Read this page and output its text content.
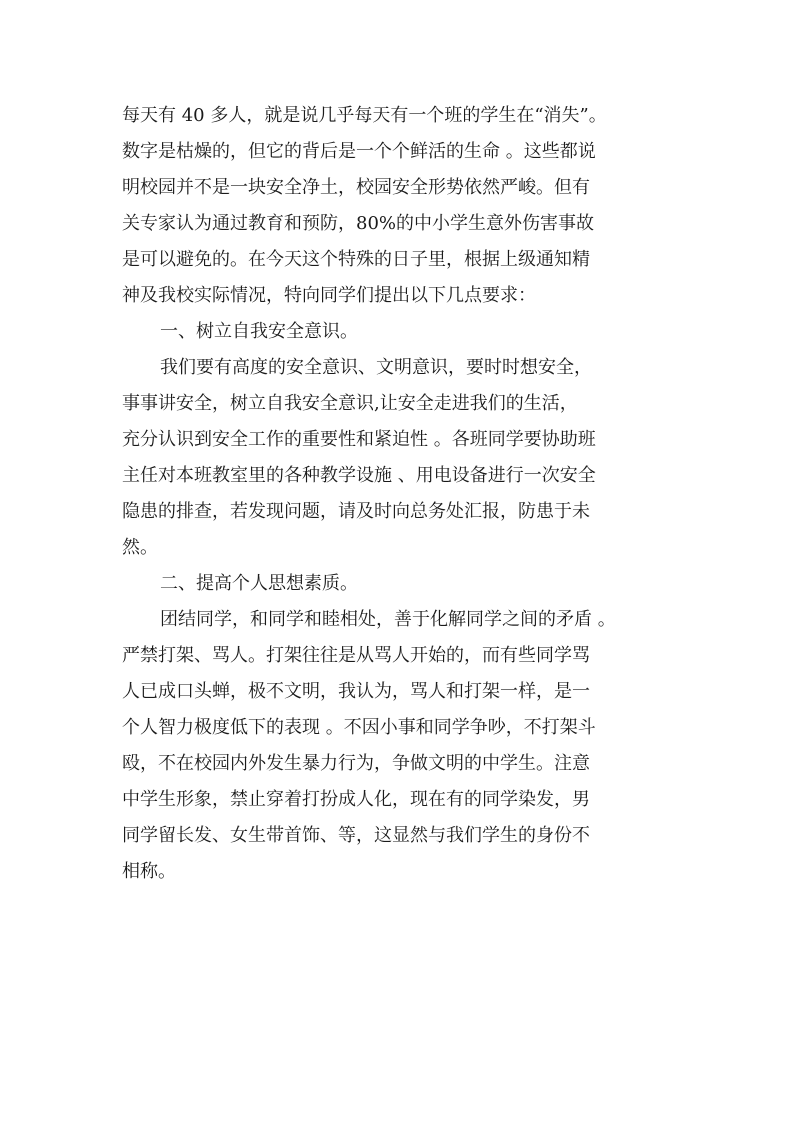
每天有 40 多人，就是说几乎每天有一个班的学生在“消失”。
数字是枯燥的，但它的背后是一个个鲜活的生命 。这些都说
明校园并不是一块安全净土，校园安全形势依然严峻。但有
关专家认为通过教育和预防，80%的中小学生意外伤害事故
是可以避免的。在今天这个特殊的日子里，根据上级通知精
神及我校实际情况，特向同学们提出以下几点要求：
一、树立自我安全意识。
我们要有高度的安全意识、文明意识，要时时想安全，
事事讲安全，树立自我安全意识,让安全走进我们的生活，
充分认识到安全工作的重要性和紧迫性 。各班同学要协助班
主任对本班教室里的各种教学设施 、用电设备进行一次安全
隐患的排查，若发现问题，请及时向总务处汇报，防患于未
然。
二、提高个人思想素质。
团结同学，和同学和睦相处，善于化解同学之间的矛盾 。
严禁打架、骂人。打架往往是从骂人开始的，而有些同学骂
人已成口头蝉，极不文明，我认为，骂人和打架一样，是一
个人智力极度低下的表现 。不因小事和同学争吵，不打架斗
殴，不在校园内外发生暴力行为，争做文明的中学生。注意
中学生形象，禁止穿着打扮成人化，现在有的同学染发，男
同学留长发、女生带首饰、等，这显然与我们学生的身份不
相称。
